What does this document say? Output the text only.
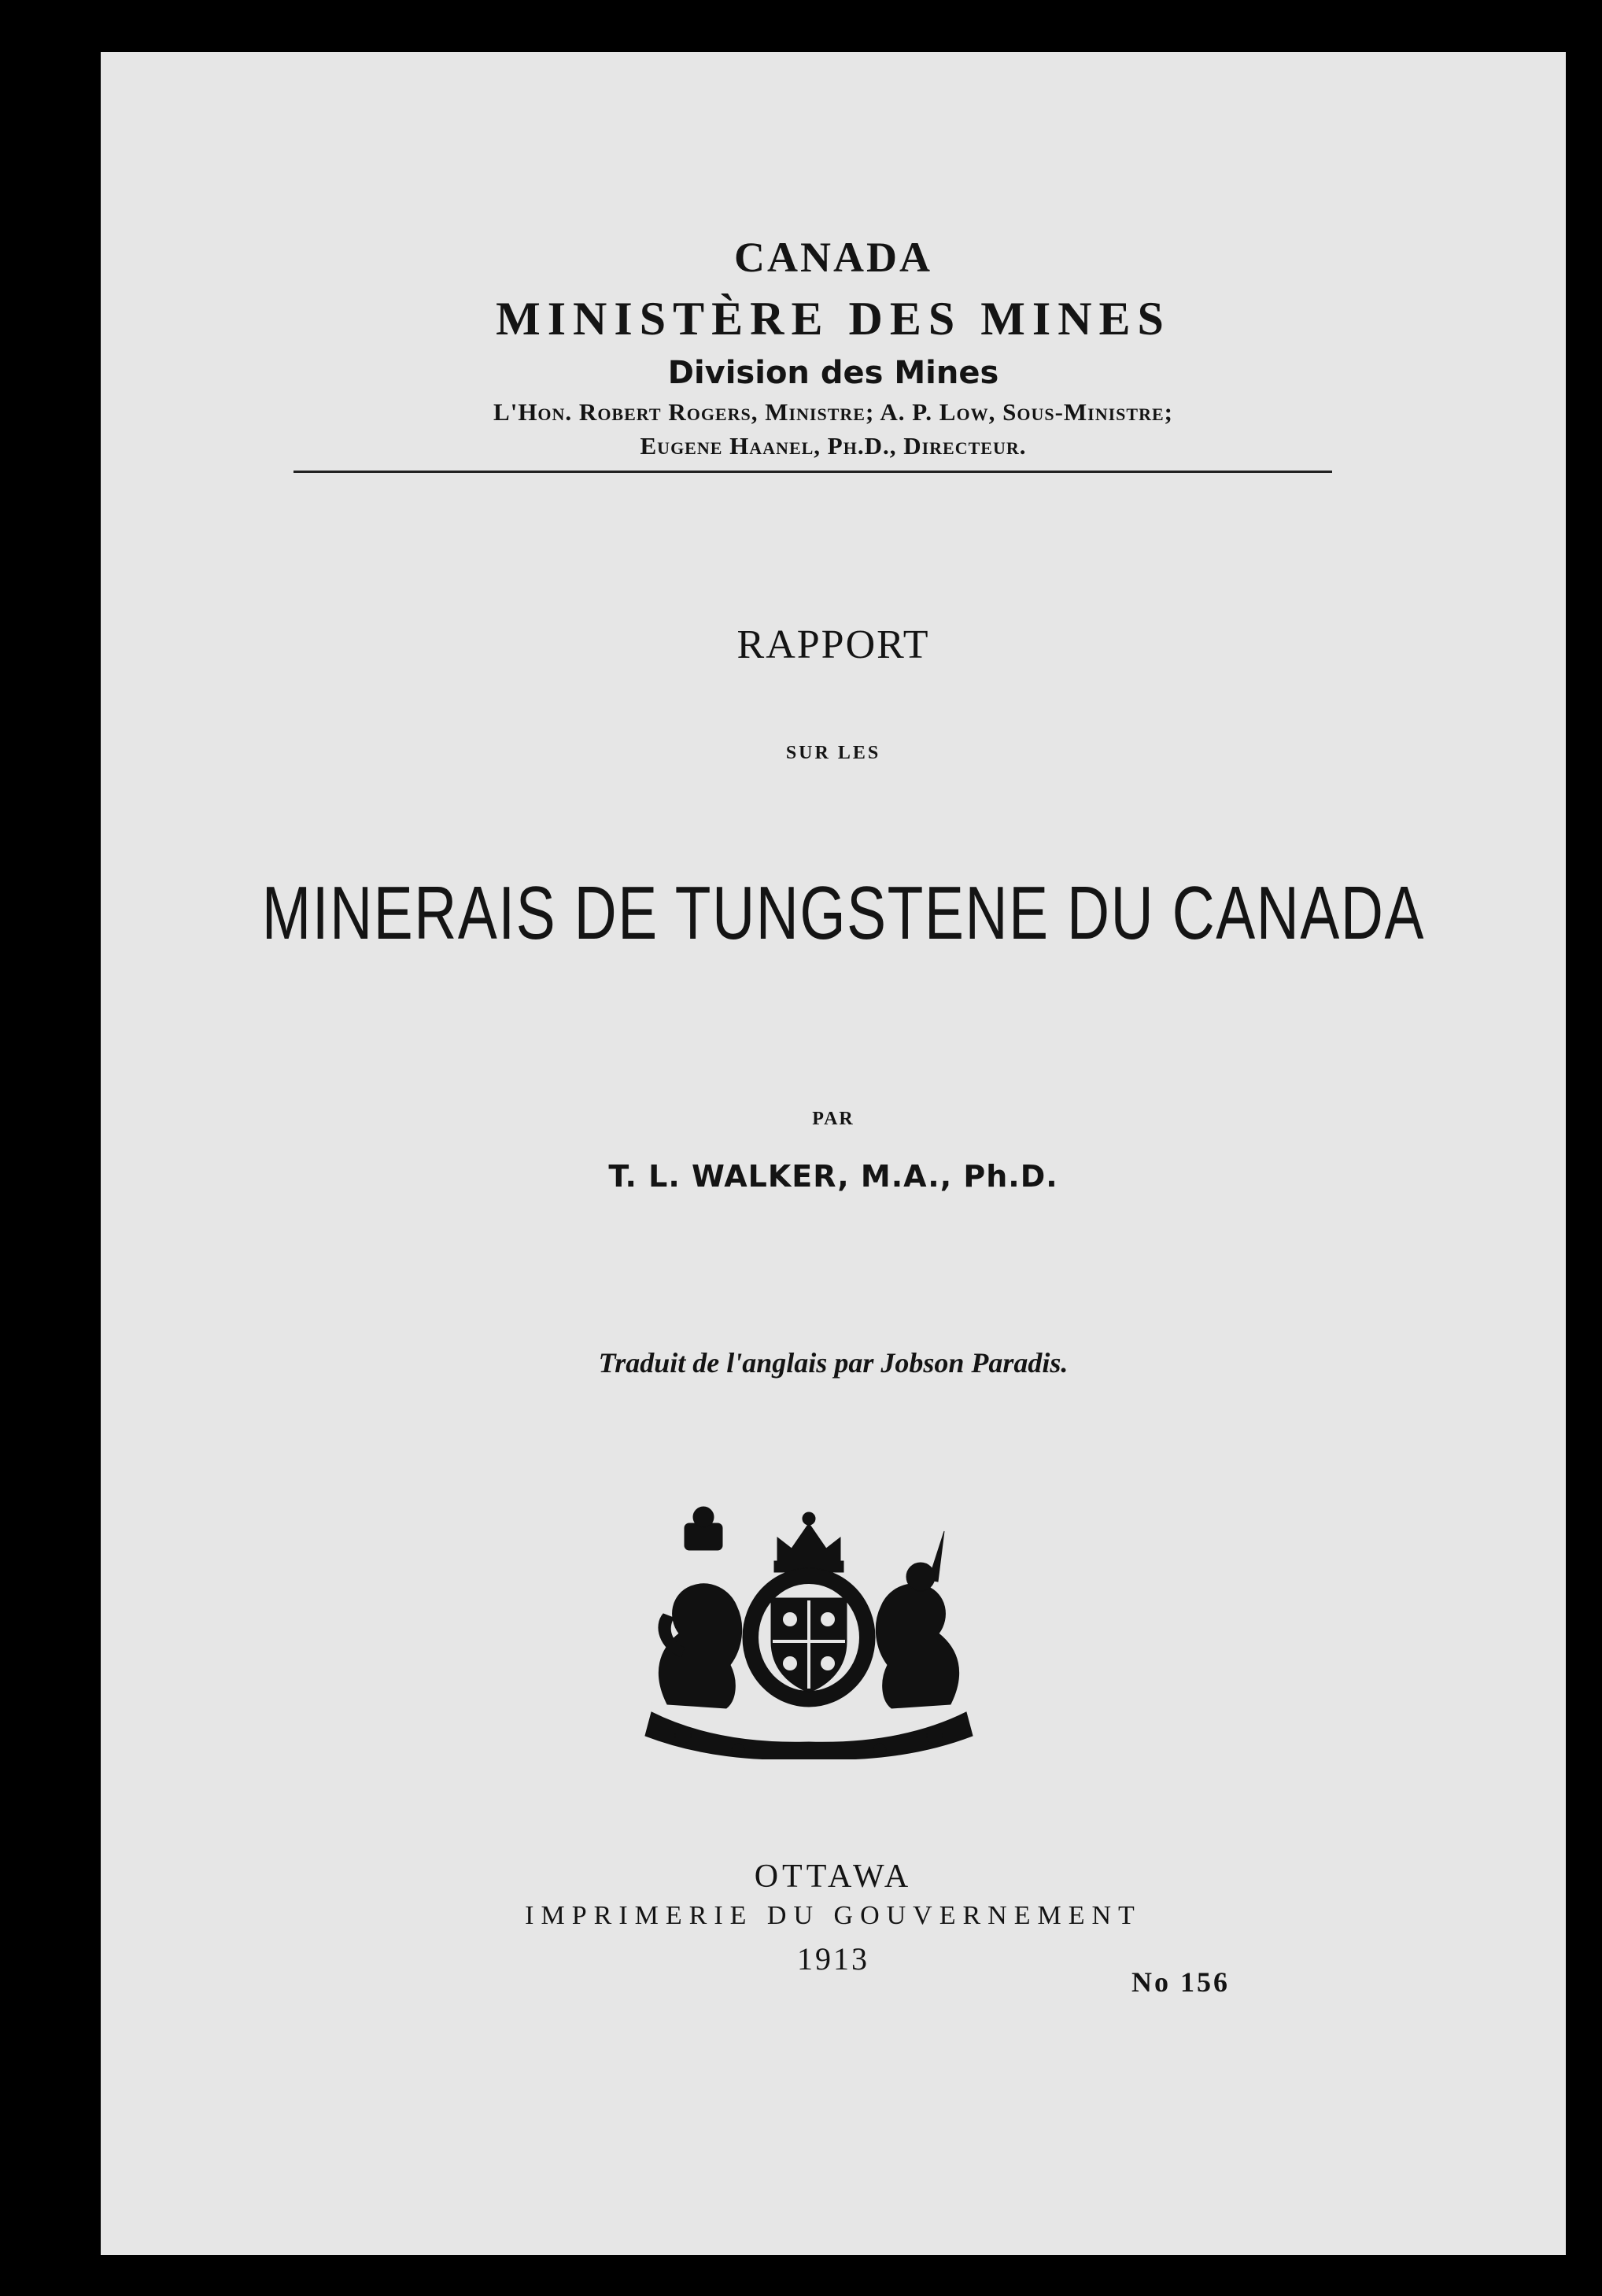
CANADA
MINISTÈRE DES MINES
Division des Mines
L'Hon. Robert Rogers, Ministre; A. P. Low, Sous-Ministre;
Eugene Haanel, Ph.D., Directeur.
RAPPORT
SUR LES
MINERAIS DE TUNGSTENE DU CANADA
PAR
T. L. WALKER, M.A., Ph.D.
Traduit de l'anglais par Jobson Paradis.
OTTAWA
IMPRIMERIE DU GOUVERNEMENT
1913
No 156
